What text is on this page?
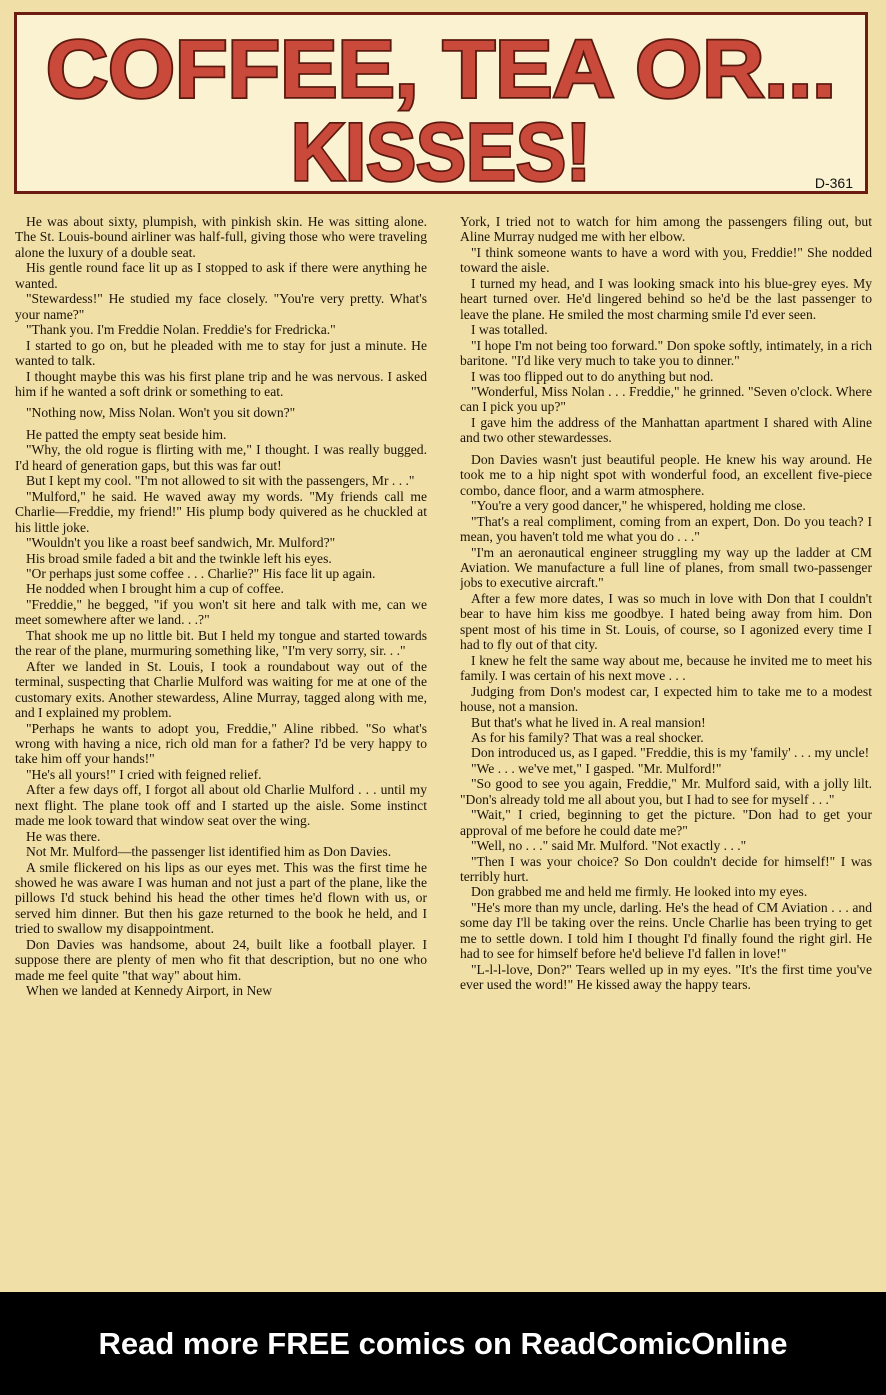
COFFEE, TEA OR...
KISSES!	D-361

He was about sixty, plumpish, with pinkish skin. He was sitting alone. The St. Louis-bound airliner was half-full, giving those who were traveling alone the luxury of a double seat.

His gentle round face lit up as I stopped to ask if there were anything he wanted.

"Stewardess!" He studied my face closely. "You're very pretty. What's your name?"

"Thank you. I'm Freddie Nolan. Freddie's for Fredricka."

I started to go on, but he pleaded with me to stay for just a minute. He wanted to talk.

I thought maybe this was his first plane trip and he was nervous. I asked him if he wanted a soft drink or something to eat.

"Nothing now, Miss Nolan. Won't you sit down?"

He patted the empty seat beside him.

"Why, the old rogue is flirting with me," I thought. I was really bugged. I'd heard of generation gaps, but this was far out!

But I kept my cool. "I'm not allowed to sit with the passengers, Mr . . ."

"Mulford," he said. He waved away my words. "My friends call me Charlie—Freddie, my friend!" His plump body quivered as he chuckled at his little joke.

"Wouldn't you like a roast beef sandwich, Mr. Mulford?"

His broad smile faded a bit and the twinkle left his eyes.

"Or perhaps just some coffee . . . Charlie?" His face lit up again.

He nodded when I brought him a cup of coffee.

"Freddie," he begged, "if you won't sit here and talk with me, can we meet somewhere after we land. . .?"

That shook me up no little bit. But I held my tongue and started towards the rear of the plane, murmuring something like, "I'm very sorry, sir. . ."

After we landed in St. Louis, I took a roundabout way out of the terminal, suspecting that Charlie Mulford was waiting for me at one of the customary exits. Another stewardess, Aline Murray, tagged along with me, and I explained my problem.

"Perhaps he wants to adopt you, Freddie," Aline ribbed. "So what's wrong with having a nice, rich old man for a father? I'd be very happy to take him off your hands!"

"He's all yours!" I cried with feigned relief.

After a few days off, I forgot all about old Charlie Mulford . . . until my next flight. The plane took off and I started up the aisle. Some instinct made me look toward that window seat over the wing.

He was there.

Not Mr. Mulford—the passenger list identified him as Don Davies.

A smile flickered on his lips as our eyes met. This was the first time he showed he was aware I was human and not just a part of the plane, like the pillows I'd stuck behind his head the other times he'd flown with us, or served him dinner. But then his gaze returned to the book he held, and I tried to swallow my disappointment.

Don Davies was handsome, about 24, built like a football player. I suppose there are plenty of men who fit that description, but no one who made me feel quite "that way" about him.

When we landed at Kennedy Airport, in New

York, I tried not to watch for him among the passengers filing out, but Aline Murray nudged me with her elbow.

"I think someone wants to have a word with you, Freddie!" She nodded toward the aisle.

I turned my head, and I was looking smack into his blue-grey eyes. My heart turned over. He'd lingered behind so he'd be the last passenger to leave the plane. He smiled the most charming smile I'd ever seen.

I was totalled.

"I hope I'm not being too forward." Don spoke softly, intimately, in a rich baritone. "I'd like very much to take you to dinner."

I was too flipped out to do anything but nod.

"Wonderful, Miss Nolan . . . Freddie," he grinned. "Seven o'clock. Where can I pick you up?"

I gave him the address of the Manhattan apartment I shared with Aline and two other stewardesses.

Don Davies wasn't just beautiful people. He knew his way around. He took me to a hip night spot with wonderful food, an excellent five-piece combo, dance floor, and a warm atmosphere.

"You're a very good dancer," he whispered, holding me close.

"That's a real compliment, coming from an expert, Don. Do you teach? I mean, you haven't told me what you do . . ."

"I'm an aeronautical engineer struggling my way up the ladder at CM Aviation. We manufacture a full line of planes, from small two-passenger jobs to executive aircraft."

After a few more dates, I was so much in love with Don that I couldn't bear to have him kiss me goodbye. I hated being away from him. Don spent most of his time in St. Louis, of course, so I agonized every time I had to fly out of that city.

I knew he felt the same way about me, because he invited me to meet his family. I was certain of his next move . . .

Judging from Don's modest car, I expected him to take me to a modest house, not a mansion.

But that's what he lived in. A real mansion!

As for his family? That was a real shocker.

Don introduced us, as I gaped. "Freddie, this is my 'family' . . . my uncle!

"We . . . we've met," I gasped. "Mr. Mulford!"

"So good to see you again, Freddie," Mr. Mulford said, with a jolly lilt. "Don's already told me all about you, but I had to see for myself . . ."

"Wait," I cried, beginning to get the picture. "Don had to get your approval of me before he could date me?"

"Well, no . . ." said Mr. Mulford. "Not exactly . . ."

"Then I was your choice? So Don couldn't decide for himself!" I was terribly hurt.

Don grabbed me and held me firmly. He looked into my eyes.

"He's more than my uncle, darling. He's the head of CM Aviation . . . and some day I'll be taking over the reins. Uncle Charlie has been trying to get me to settle down. I told him I thought I'd finally found the right girl. He had to see for himself before he'd believe I'd fallen in love!"

"L-l-l-love, Don?" Tears welled up in my eyes. "It's the first time you've ever used the word!" He kissed away the happy tears.

Read more FREE comics on ReadComicOnline
